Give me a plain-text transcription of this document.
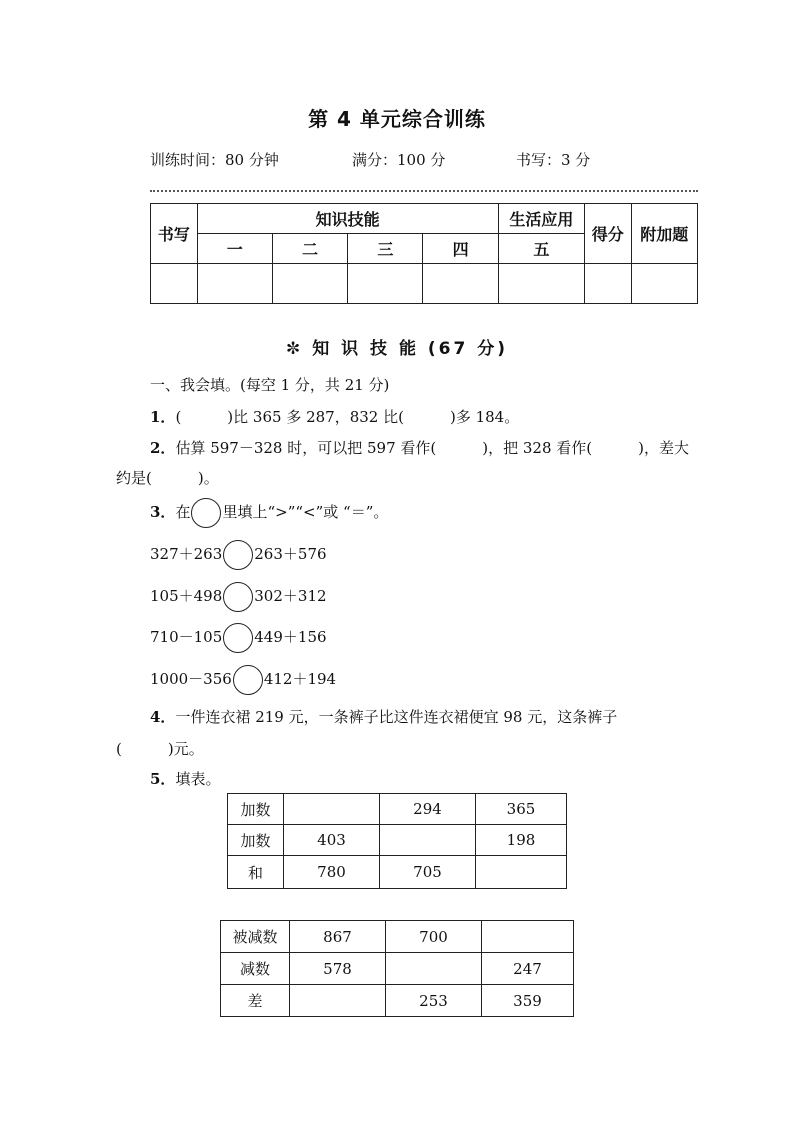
第 4 单元综合训练
训练时间：80 分钟	满分：100 分	书写：3 分
书写	知识技能				生活应用	得分	附加题
	一	二	三	四	五		

✼ 知 识 技 能 (67 分)
一、我会填。(每空 1 分，共 21 分)
1．(	)比 365 多 287，832 比(	)多 184。
2．估算 597－328 时，可以把 597 看作(	)，把 328 看作(	)，差大
约是(	)。
3．在 里填上“>”“<”或 “＝”。
327＋263 263＋576
105＋498 302＋312
710－105 449＋156
1000－356 412＋194
4．一件连衣裙 219 元，一条裤子比这件连衣裙便宜 98 元，这条裤子
(	)元。
5．填表。
加数		294	365
加数	403		198
和	780	705	
被减数	867	700	
减数	578		247
差		253	359
